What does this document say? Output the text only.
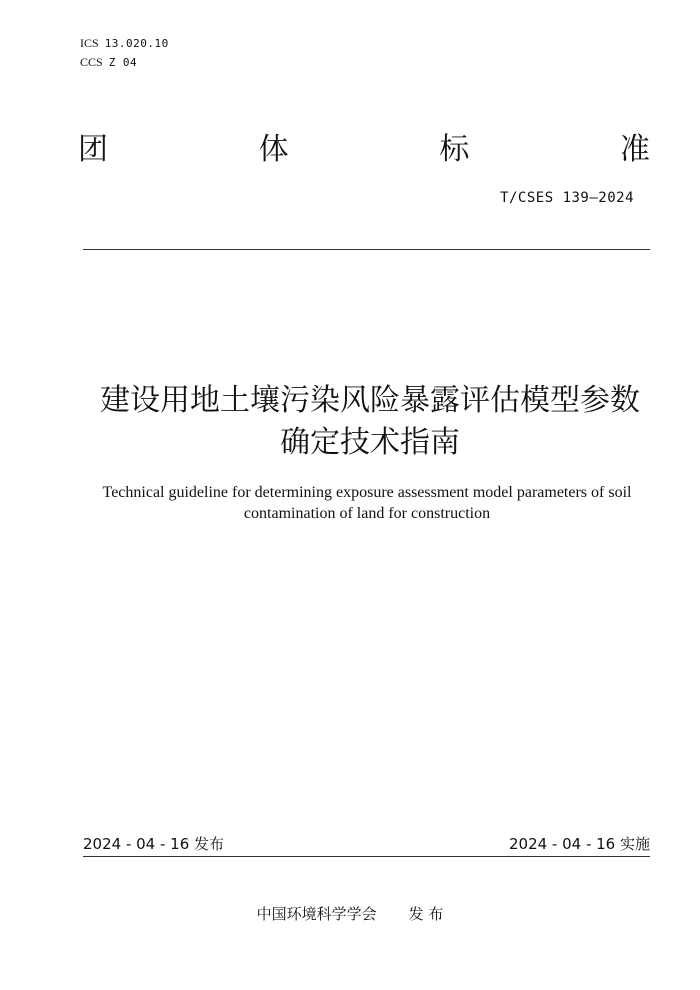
ICS 13.020.10
CCS Z 04
团	体	标	准
T/CSES 139—2024
建设用地土壤污染风险暴露评估模型参数
确定技术指南
Technical guideline for determining exposure assessment model parameters of soil
contamination of land for construction
2024 - 04 - 16 发布	2024 - 04 - 16 实施
中国环境科学学会 发 布
